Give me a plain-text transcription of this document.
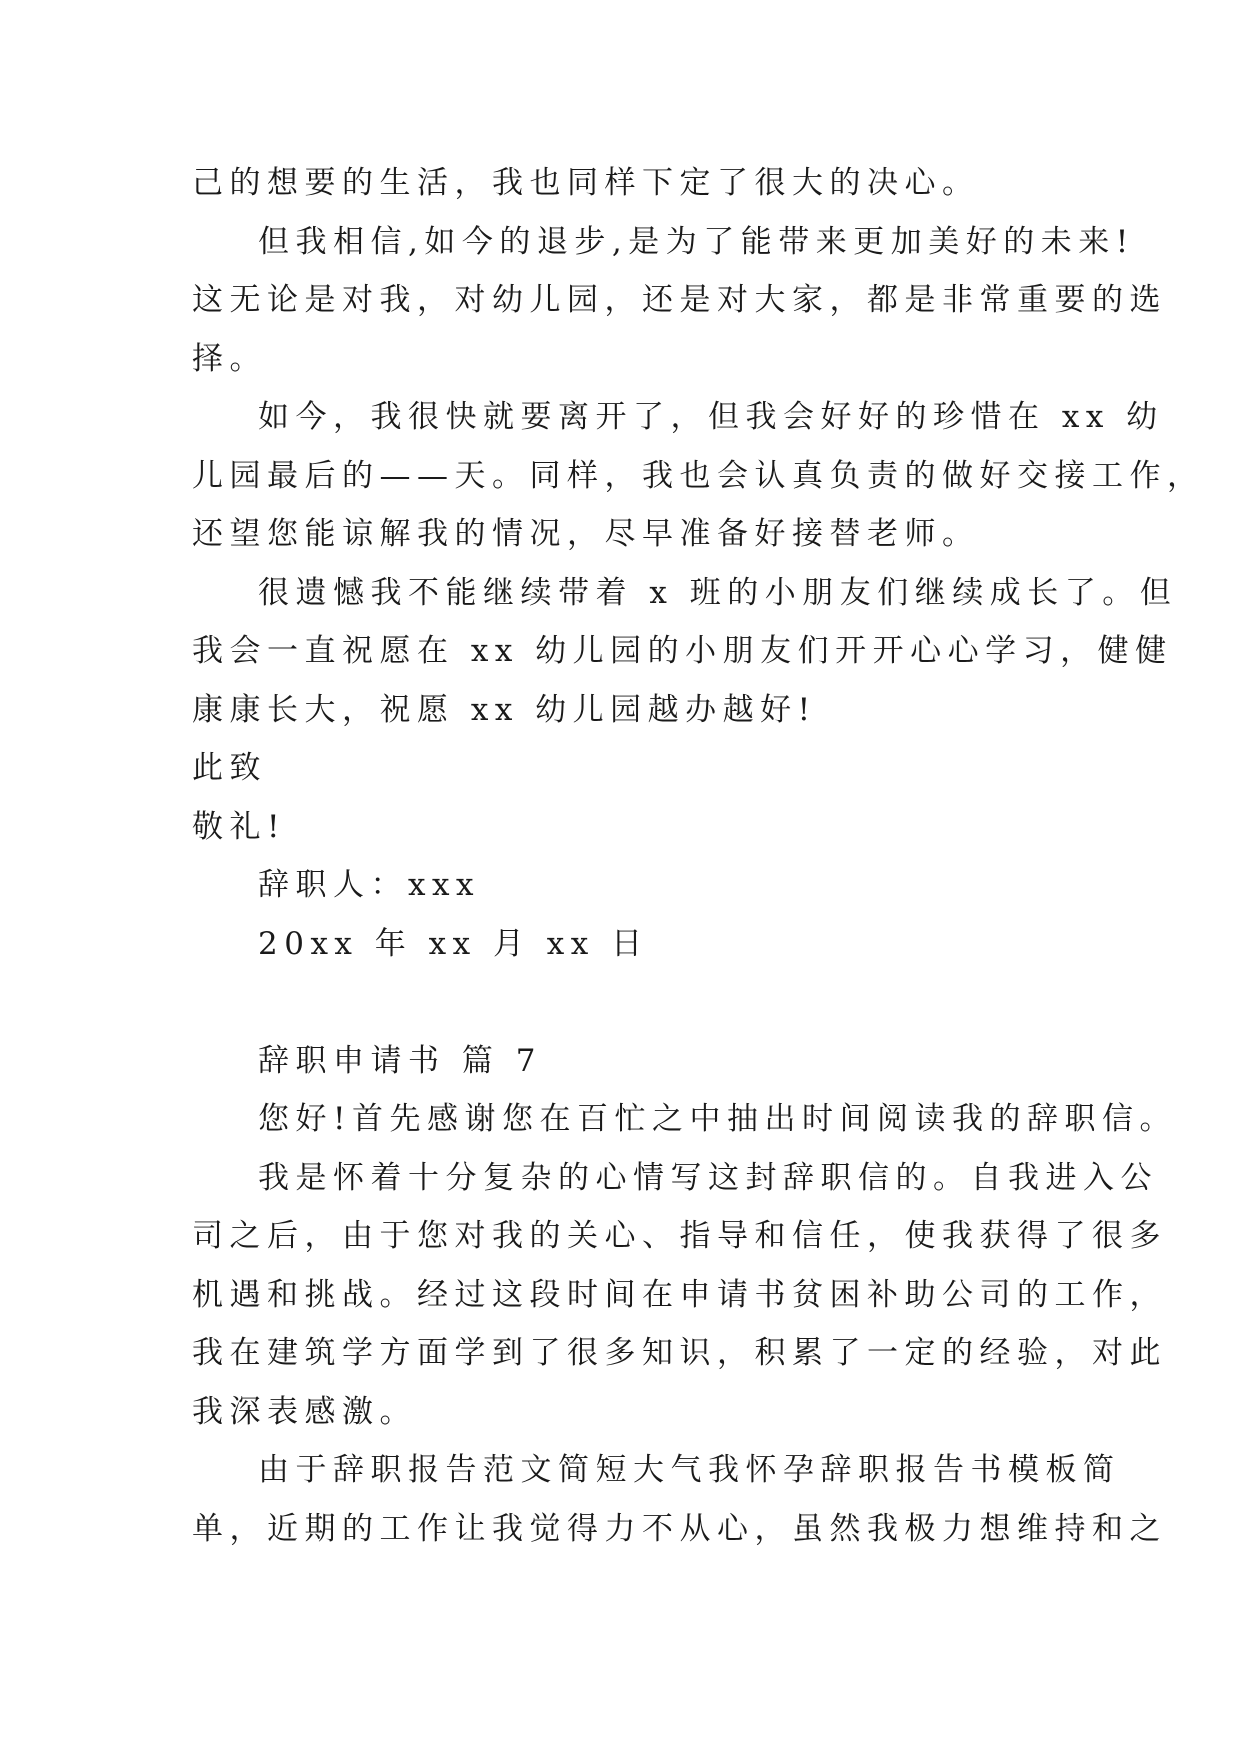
己的想要的生活，我也同样下定了很大的决心。
但我相信,如今的退步,是为了能带来更加美好的未来!
这无论是对我，对幼儿园，还是对大家，都是非常重要的选
择。
如今，我很快就要离开了，但我会好好的珍惜在 xx 幼
儿园最后的——天。同样，我也会认真负责的做好交接工作，
还望您能谅解我的情况，尽早准备好接替老师。
很遗憾我不能继续带着 x 班的小朋友们继续成长了。但
我会一直祝愿在 xx 幼儿园的小朋友们开开心心学习，健健
康康长大，祝愿 xx 幼儿园越办越好!
此致
敬礼!
辞职人：xxx
20xx 年 xx 月 xx 日
辞职申请书 篇 7
您好!首先感谢您在百忙之中抽出时间阅读我的辞职信。
我是怀着十分复杂的心情写这封辞职信的。自我进入公
司之后，由于您对我的关心、指导和信任，使我获得了很多
机遇和挑战。经过这段时间在申请书贫困补助公司的工作，
我在建筑学方面学到了很多知识，积累了一定的经验，对此
我深表感激。
由于辞职报告范文简短大气我怀孕辞职报告书模板简
单，近期的工作让我觉得力不从心，虽然我极力想维持和之
